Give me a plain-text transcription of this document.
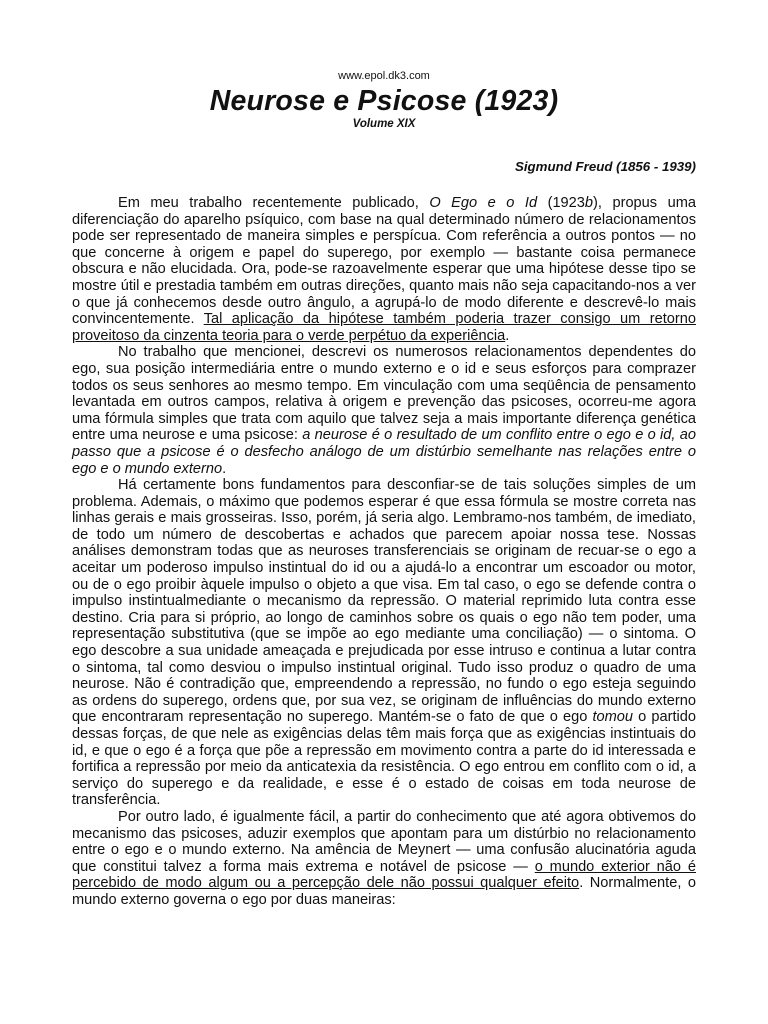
www.epol.dk3.com
Neurose e Psicose (1923)
Volume XIX
Sigmund Freud (1856 - 1939)

Em meu trabalho recentemente publicado, O Ego e o Id (1923b), propus uma diferenciação do aparelho psíquico, com base na qual determinado número de relacionamentos pode ser representado de maneira simples e perspícua. Com referência a outros pontos — no que concerne à origem e papel do superego, por exemplo — bastante coisa permanece obscura e não elucidada. Ora, pode-se razoavelmente esperar que uma hipótese desse tipo se mostre útil e prestadia também em outras direções, quanto mais não seja capacitando-nos a ver o que já conhecemos desde outro ângulo, a agrupá-lo de modo diferente e descrevê-lo mais convincentemente. Tal aplicação da hipótese também poderia trazer consigo um retorno proveitoso da cinzenta teoria para o verde perpétuo da experiência.

No trabalho que mencionei, descrevi os numerosos relacionamentos dependentes do ego, sua posição intermediária entre o mundo externo e o id e seus esforços para comprazer todos os seus senhores ao mesmo tempo. Em vinculação com uma seqüência de pensamento levantada em outros campos, relativa à origem e prevenção das psicoses, ocorreu-me agora uma fórmula simples que trata com aquilo que talvez seja a mais importante diferença genética entre uma neurose e uma psicose: a neurose é o resultado de um conflito entre o ego e o id, ao passo que a psicose é o desfecho análogo de um distúrbio semelhante nas relações entre o ego e o mundo externo.

Há certamente bons fundamentos para desconfiar-se de tais soluções simples de um problema. Ademais, o máximo que podemos esperar é que essa fórmula se mostre correta nas linhas gerais e mais grosseiras. Isso, porém, já seria algo. Lembramo-nos também, de imediato, de todo um número de descobertas e achados que parecem apoiar nossa tese. Nossas análises demonstram todas que as neuroses transferenciais se originam de recuar-se o ego a aceitar um poderoso impulso instintual do id ou a ajudá-lo a encontrar um escoador ou motor, ou de o ego proibir àquele impulso o objeto a que visa. Em tal caso, o ego se defende contra o impulso instintualmediante o mecanismo da repressão. O material reprimido luta contra esse destino. Cria para si próprio, ao longo de caminhos sobre os quais o ego não tem poder, uma representação substitutiva (que se impõe ao ego mediante uma conciliação) — o sintoma. O ego descobre a sua unidade ameaçada e prejudicada por esse intruso e continua a lutar contra o sintoma, tal como desviou o impulso instintual original. Tudo isso produz o quadro de uma neurose. Não é contradição que, empreendendo a repressão, no fundo o ego esteja seguindo as ordens do superego, ordens que, por sua vez, se originam de influências do mundo externo que encontraram representação no superego. Mantém-se o fato de que o ego tomou o partido dessas forças, de que nele as exigências delas têm mais força que as exigências instintuais do id, e que o ego é a força que põe a repressão em movimento contra a parte do id interessada e fortifica a repressão por meio da anticatexia da resistência. O ego entrou em conflito com o id, a serviço do superego e da realidade, e esse é o estado de coisas em toda neurose de transferência.

Por outro lado, é igualmente fácil, a partir do conhecimento que até agora obtivemos do mecanismo das psicoses, aduzir exemplos que apontam para um distúrbio no relacionamento entre o ego e o mundo externo. Na amência de Meynert — uma confusão alucinatória aguda que constitui talvez a forma mais extrema e notável de psicose — o mundo exterior não é percebido de modo algum ou a percepção dele não possui qualquer efeito. Normalmente, o mundo externo governa o ego por duas maneiras:
